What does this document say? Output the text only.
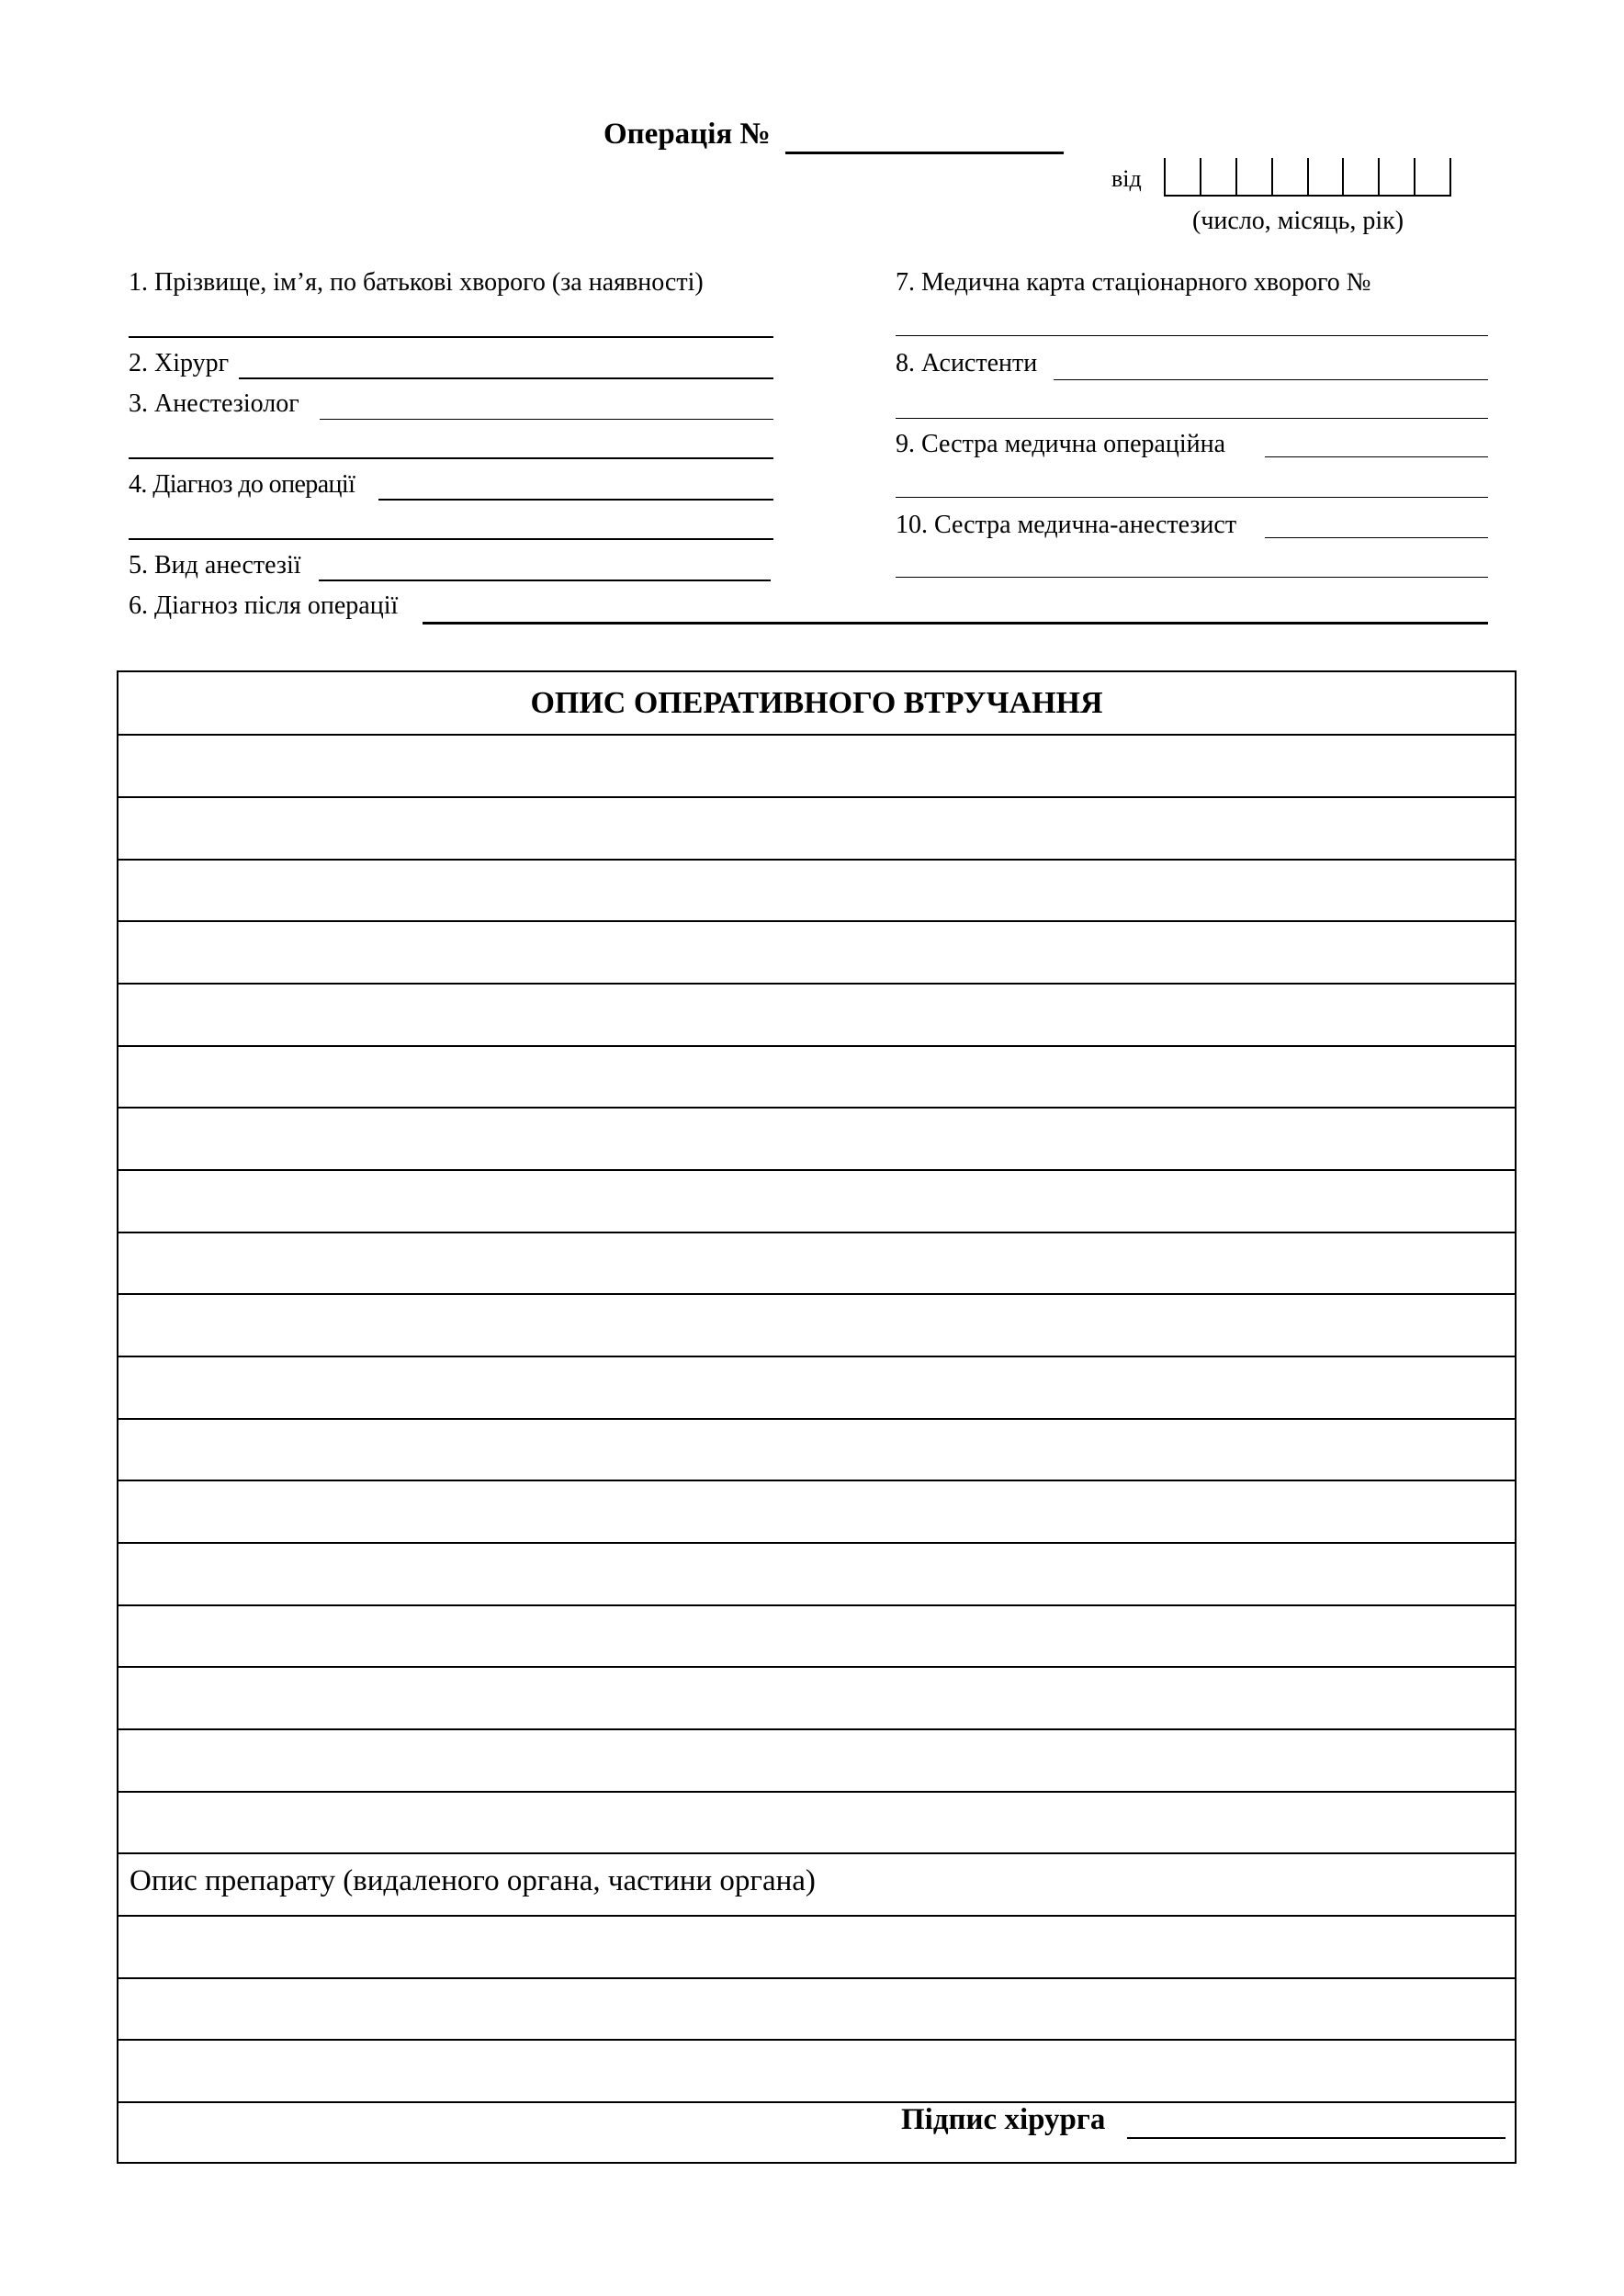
Операція №
від
(число, місяць, рік)
1. Прізвище, ім’я, по батькові хворого (за наявності)
2. Хірург
3. Анестезіолог
4. Діагноз до операції
5. Вид анестезії
6. Діагноз після операції
7. Медична карта стаціонарного хворого №
8. Асистенти
9. Сестра медична операційна
10. Сестра медична-анестезист
ОПИС ОПЕРАТИВНОГО ВТРУЧАННЯ
Опис препарату (видаленого органа, частини органа)
Підпис хірурга
